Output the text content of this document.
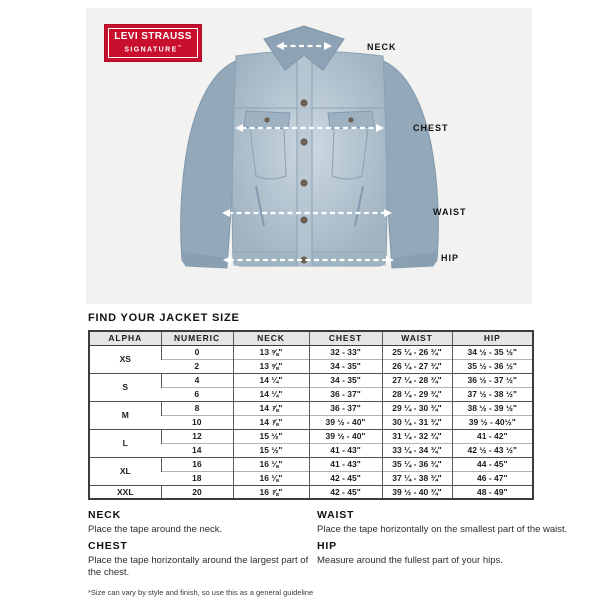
LEVI STRAUSS
SIGNATURE™	NECK
CHEST
WAIST
HIP
FIND YOUR JACKET SIZE
ALPHA	NUMERIC	NECK	CHEST	WAIST	HIP
XS	0	13 ⅝"	32 - 33"	25 ¼ - 26 ¾"	34 ½ - 35 ½"
	2	13 ⅝"	34 - 35"	26 ¼ - 27 ¾"	35 ½ - 36 ½"
S	4	14 ¼"	34 - 35"	27 ¼ - 28 ¾"	36 ½ - 37 ½"
	6	14 ¼"	36 - 37"	28 ¼ - 29 ¾"	37 ½ - 38 ½"
M	8	14 ⅞"	36 - 37"	29 ¼ - 30 ¾"	38 ½ - 39 ½"
	10	14 ⅞"	39 ½ - 40"	30 ¼ - 31 ¾"	39 ½ - 40½"
L	12	15 ½"	39 ½ - 40"	31 ¼ - 32 ¾"	41 - 42"
	14	15 ½"	41 - 43"	33 ¼ - 34 ¾"	42 ½ - 43 ½"
XL	16	16 ⅛"	41 - 43"	35 ¼ - 36 ¾"	44 - 45"
	18	16 ⅛"	42 - 45"	37 ¼ - 38 ¾"	46 - 47"
XXL	20	16 ⅞"	42 - 45"	39 ½ - 40 ¾"	48 - 49"
NECK

Place the tape around the neck.

CHEST

Place the tape horizontally around the largest part of the chest.

WAIST

Place the tape horizontally on the smallest part of the waist.

HIP

Measure around the fullest part of your hips.

*Size can vary by style and finish, so use this as a general guideline
